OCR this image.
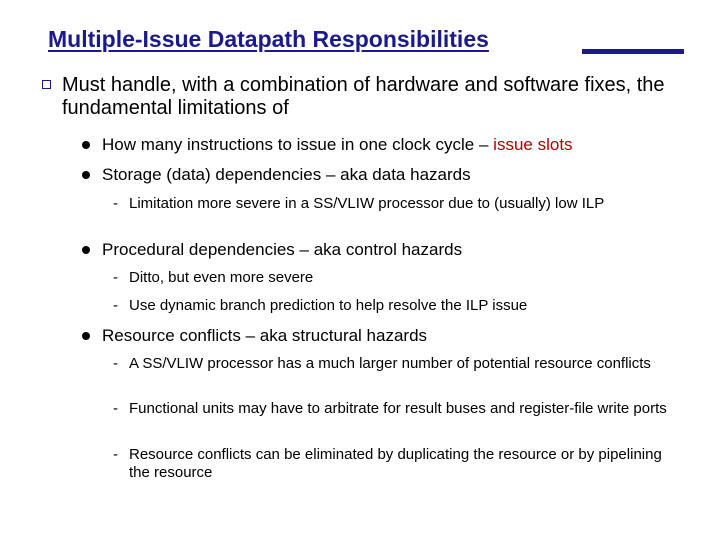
Multiple-Issue Datapath Responsibilities
Must handle, with a combination of hardware and software fixes, the fundamental limitations of
How many instructions to issue in one clock cycle – issue slots
Storage (data) dependencies – aka data hazards
- Limitation more severe in a SS/VLIW processor due to (usually) low ILP
Procedural dependencies – aka control hazards
- Ditto, but even more severe
- Use dynamic branch prediction to help resolve the ILP issue
Resource conflicts – aka structural hazards
- A SS/VLIW processor has a much larger number of potential resource conflicts
- Functional units may have to arbitrate for result buses and register-file write ports
- Resource conflicts can be eliminated by duplicating the resource or by pipelining the resource
